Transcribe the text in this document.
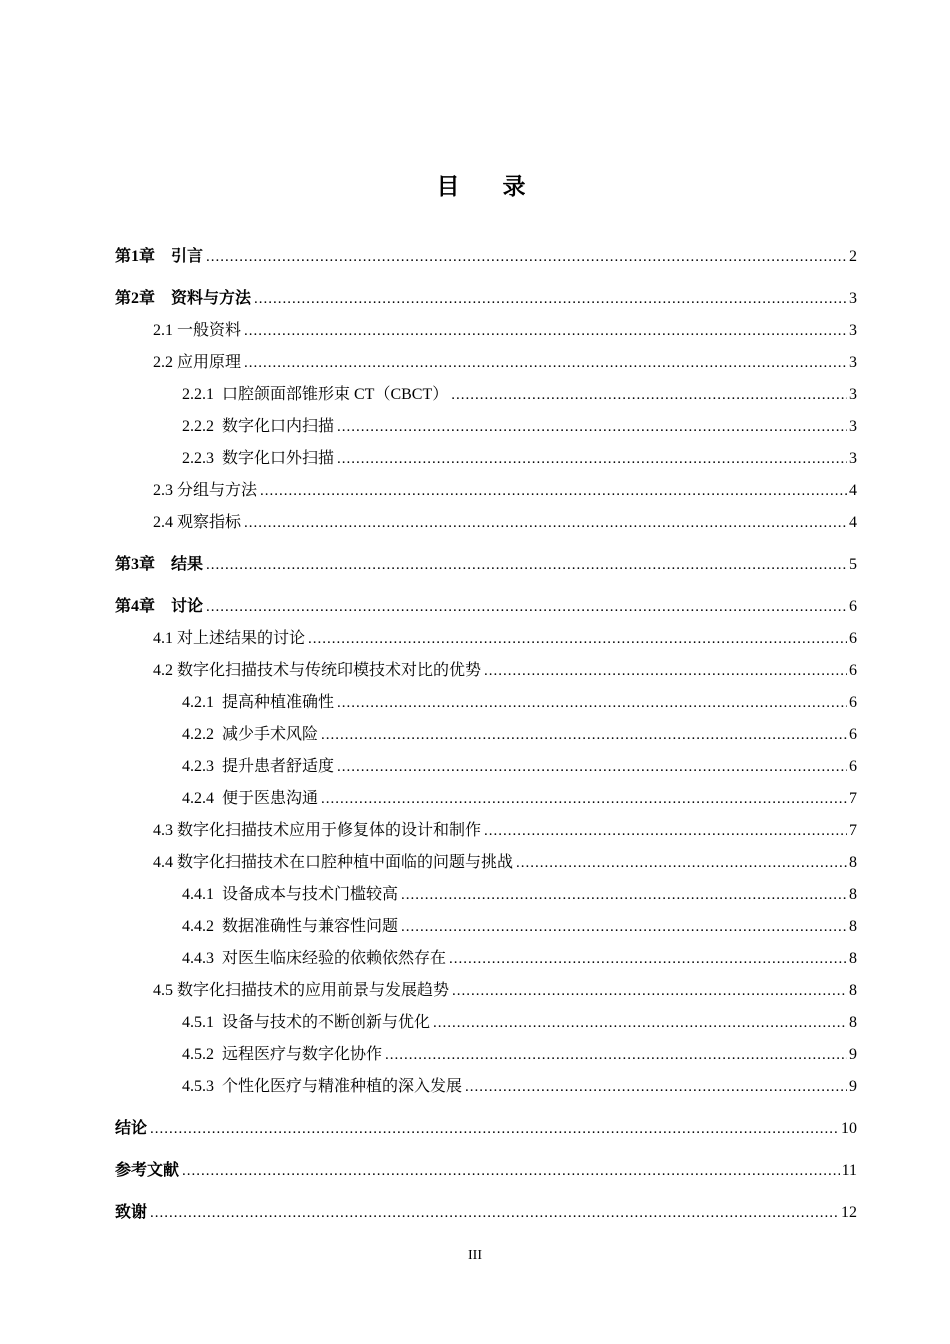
目　录
第1章　引言 .....	2
第2章　资料与方法 .....	3
2.1 一般资料 .....	3
2.2 应用原理 .....	3
2.2.1  口腔颌面部锥形束 CT（CBCT） .....	3
2.2.2  数字化口内扫描 .....	3
2.2.3  数字化口外扫描 .....	3
2.3 分组与方法 .....	4
2.4 观察指标 .....	4
第3章　结果 .....	5
第4章　讨论 .....	6
4.1 对上述结果的讨论 .....	6
4.2 数字化扫描技术与传统印模技术对比的优势 .....	6
4.2.1  提高种植准确性 .....	6
4.2.2  减少手术风险 .....	6
4.2.3  提升患者舒适度 .....	6
4.2.4  便于医患沟通 .....	7
4.3 数字化扫描技术应用于修复体的设计和制作 .....	7
4.4 数字化扫描技术在口腔种植中面临的问题与挑战 .....	8
4.4.1  设备成本与技术门槛较高 .....	8
4.4.2  数据准确性与兼容性问题 .....	8
4.4.3  对医生临床经验的依赖依然存在 .....	8
4.5 数字化扫描技术的应用前景与发展趋势 .....	8
4.5.1  设备与技术的不断创新与优化 .....	8
4.5.2  远程医疗与数字化协作 .....	9
4.5.3  个性化医疗与精准种植的深入发展 .....	9
结论 .....	10
参考文献 .....	11
致谢 .....	12
III
